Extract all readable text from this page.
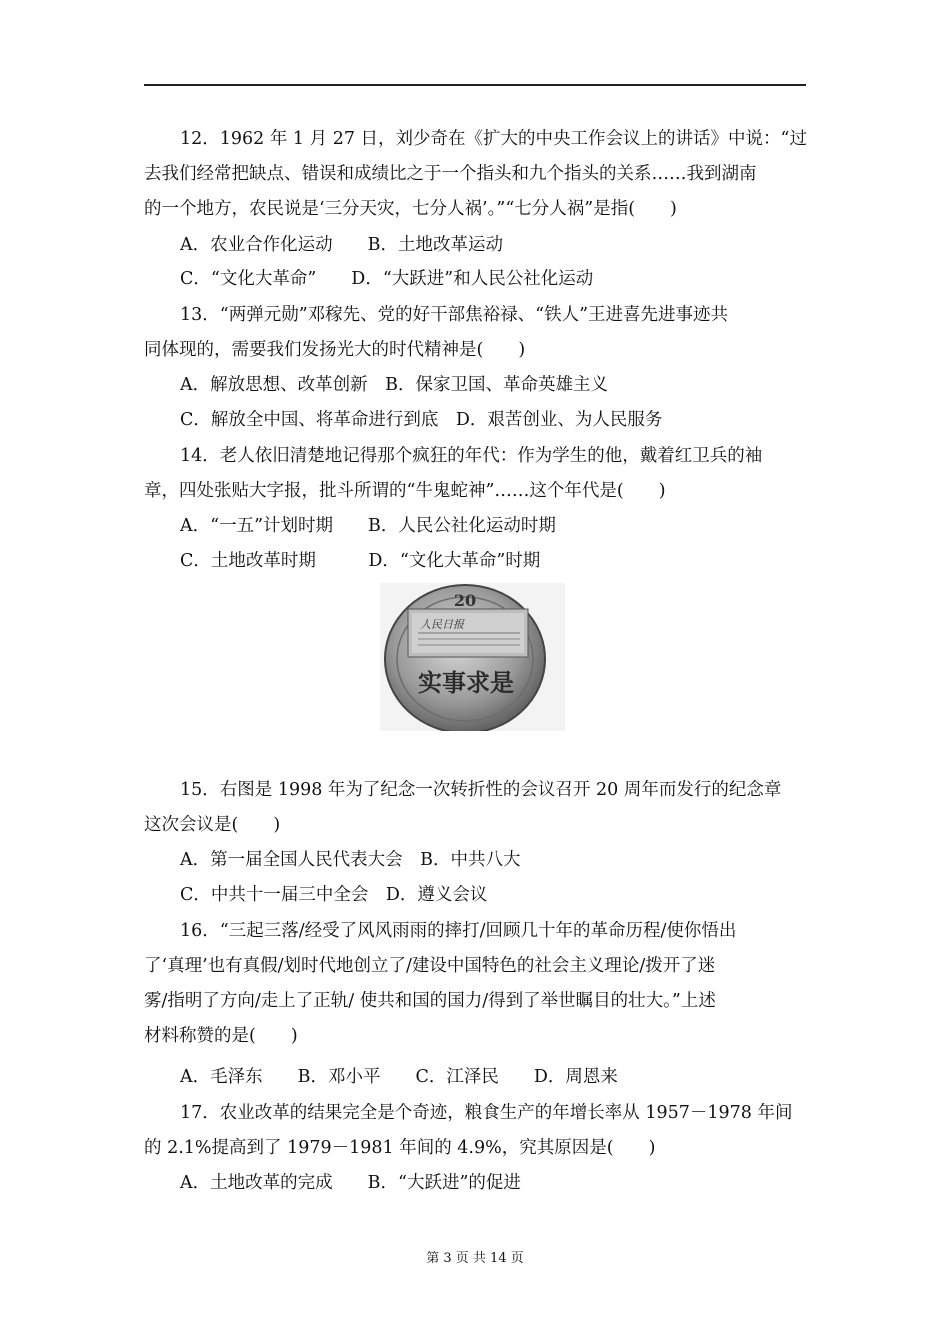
12．1962 年 1 月 27 日，刘少奇在《扩大的中央工作会议上的讲话》中说：“过
去我们经常把缺点、错误和成绩比之于一个指头和九个指头的关系……我到湖南
的一个地方，农民说是‘三分天灾，七分人祸’。”“七分人祸”是指(　　)
A．农业合作化运动　　B．土地改革运动
C．“文化大革命”　　D．“大跃进”和人民公社化运动
13．“两弹元勋”邓稼先、党的好干部焦裕禄、“铁人”王进喜先进事迹共
同体现的，需要我们发扬光大的时代精神是(　　)
A．解放思想、改革创新　B．保家卫国、革命英雄主义
C．解放全中国、将革命进行到底　D．艰苦创业、为人民服务
14．老人依旧清楚地记得那个疯狂的年代：作为学生的他，戴着红卫兵的袖
章，四处张贴大字报，批斗所谓的“牛鬼蛇神”……这个年代是(　　)
A．“一五”计划时期　　B．人民公社化运动时期
C．土地改革时期　　　D．“文化大革命”时期
20
人民日报
实事求是
15．右图是 1998 年为了纪念一次转折性的会议召开 20 周年而发行的纪念章
这次会议是(　　)
A．第一届全国人民代表大会　B．中共八大
C．中共十一届三中全会　D．遵义会议
16．“三起三落/经受了风风雨雨的摔打/回顾几十年的革命历程/使你悟出
了‘真理’也有真假/划时代地创立了/建设中国特色的社会主义理论/拨开了迷
雾/指明了方向/走上了正轨/ 使共和国的国力/得到了举世瞩目的壮大。”上述
材料称赞的是(　　)
A．毛泽东　　B．邓小平　　C．江泽民　　D．周恩来
17．农业改革的结果完全是个奇迹，粮食生产的年增长率从 1957－1978 年间
的 2.1%提高到了 1979－1981 年间的 4.9%，究其原因是(　　)
A．土地改革的完成　　B．“大跃进”的促进
第 3 页 共 14 页
